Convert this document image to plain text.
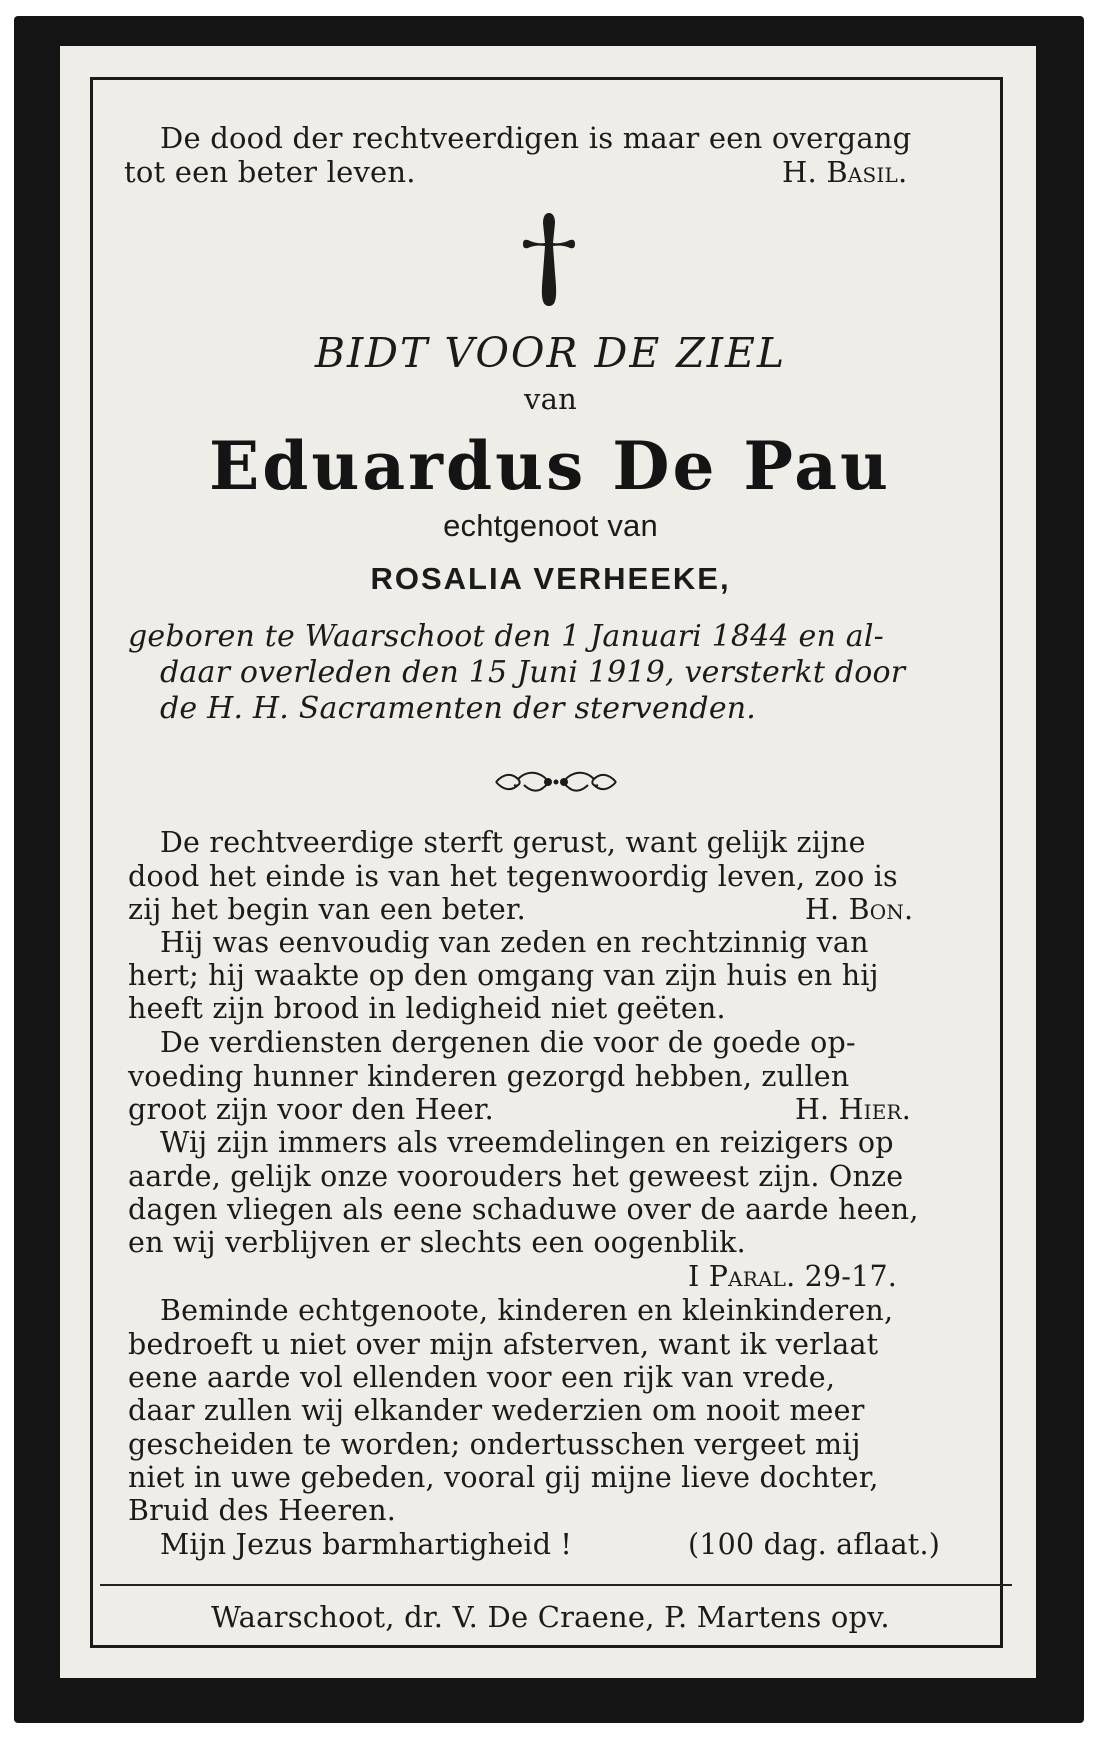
De dood der rechtveerdigen is maar een overgang
tot een beter leven.	H. Basil.
BIDT VOOR DE ZIEL
van
Eduardus De Pau
echtgenoot van
ROSALIA VERHEEKE,
geboren te Waarschoot den 1 Januari 1844 en al-
daar overleden den 15 Juni 1919, versterkt door
de H. H. Sacramenten der stervenden.
De rechtveerdige sterft gerust, want gelijk zijne
dood het einde is van het tegenwoordig leven, zoo is
zij het begin van een beter.	H. Bon.
Hij was eenvoudig van zeden en rechtzinnig van
hert; hij waakte op den omgang van zijn huis en hij
heeft zijn brood in ledigheid niet geëten.
De verdiensten dergenen die voor de goede op-
voeding hunner kinderen gezorgd hebben, zullen
groot zijn voor den Heer.	H. Hier.
Wij zijn immers als vreemdelingen en reizigers op
aarde, gelijk onze voorouders het geweest zijn. Onze
dagen vliegen als eene schaduwe over de aarde heen,
en wij verblijven er slechts een oogenblik.
I Paral. 29-17.
Beminde echtgenoote, kinderen en kleinkinderen,
bedroeft u niet over mijn afsterven, want ik verlaat
eene aarde vol ellenden voor een rijk van vrede,
daar zullen wij elkander wederzien om nooit meer
gescheiden te worden; ondertusschen vergeet mij
niet in uwe gebeden, vooral gij mijne lieve dochter,
Bruid des Heeren.
Mijn Jezus barmhartigheid !	(100 dag. aflaat.)
Waarschoot, dr. V. De Craene, P. Martens opv.
